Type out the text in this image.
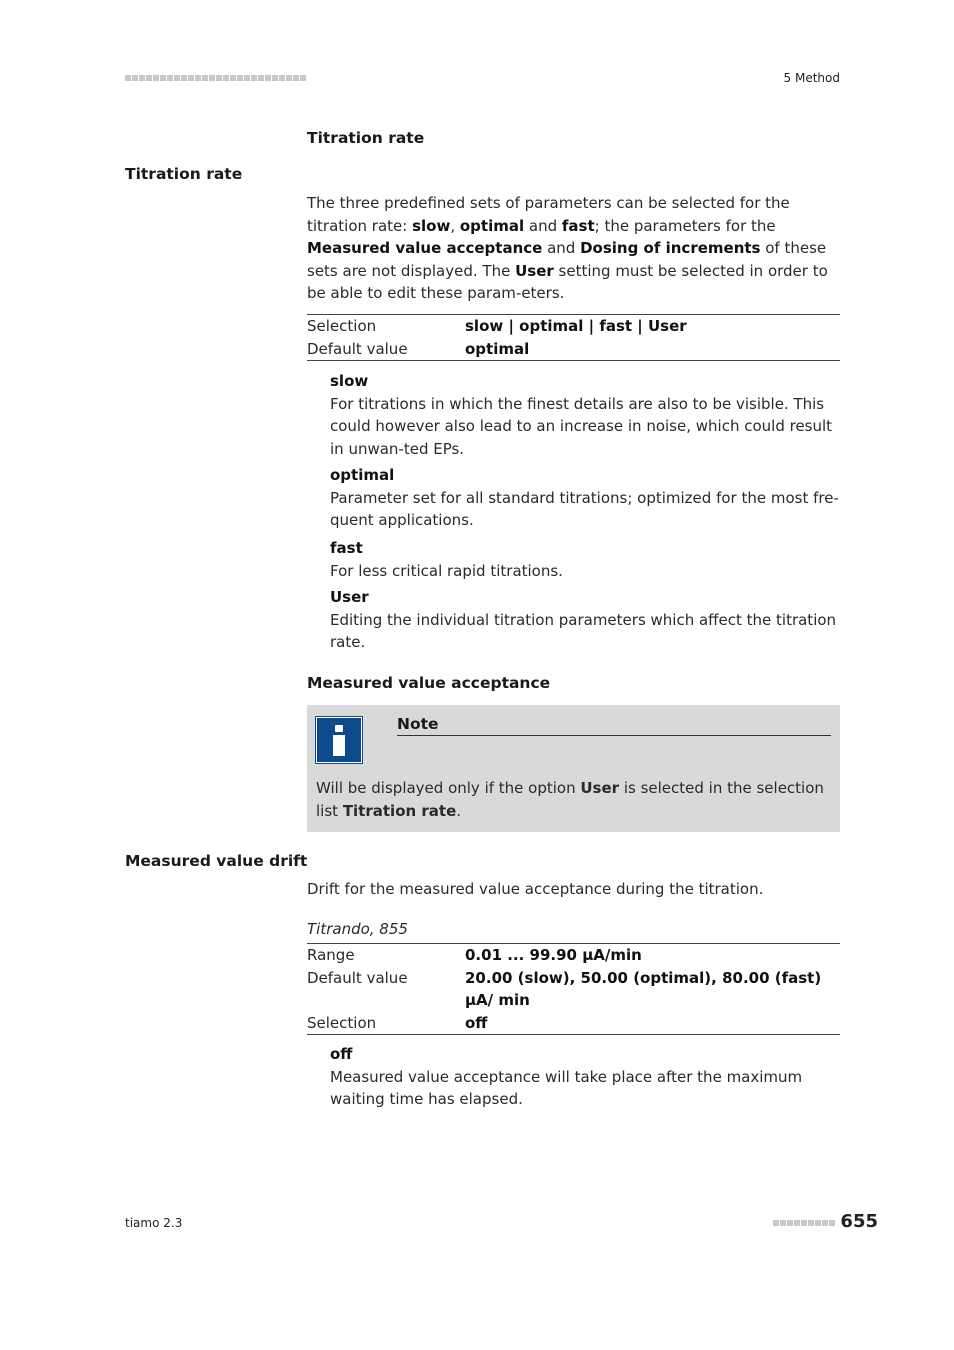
5 Method
Titration rate
Titration rate
The three predefined sets of parameters can be selected for the titration rate: slow, optimal and fast; the parameters for the Measured value acceptance and Dosing of increments of these sets are not displayed. The User setting must be selected in order to be able to edit these param-eters.
Selection	slow | optimal | fast | User
Default value	optimal
slow
For titrations in which the finest details are also to be visible. This could however also lead to an increase in noise, which could result in unwan-ted EPs.
optimal
Parameter set for all standard titrations; optimized for the most fre-quent applications.
fast
For less critical rapid titrations.
User
Editing the individual titration parameters which affect the titration rate.
Measured value acceptance
Note
Will be displayed only if the option User is selected in the selection list Titration rate.
Measured value drift
Drift for the measured value acceptance during the titration.
Titrando, 855
Range	0.01 ... 99.90 µA/min
Default value	20.00 (slow), 50.00 (optimal), 80.00 (fast) µA/ min
Selection	off
off
Measured value acceptance will take place after the maximum waiting time has elapsed.
tiamo 2.3	655
